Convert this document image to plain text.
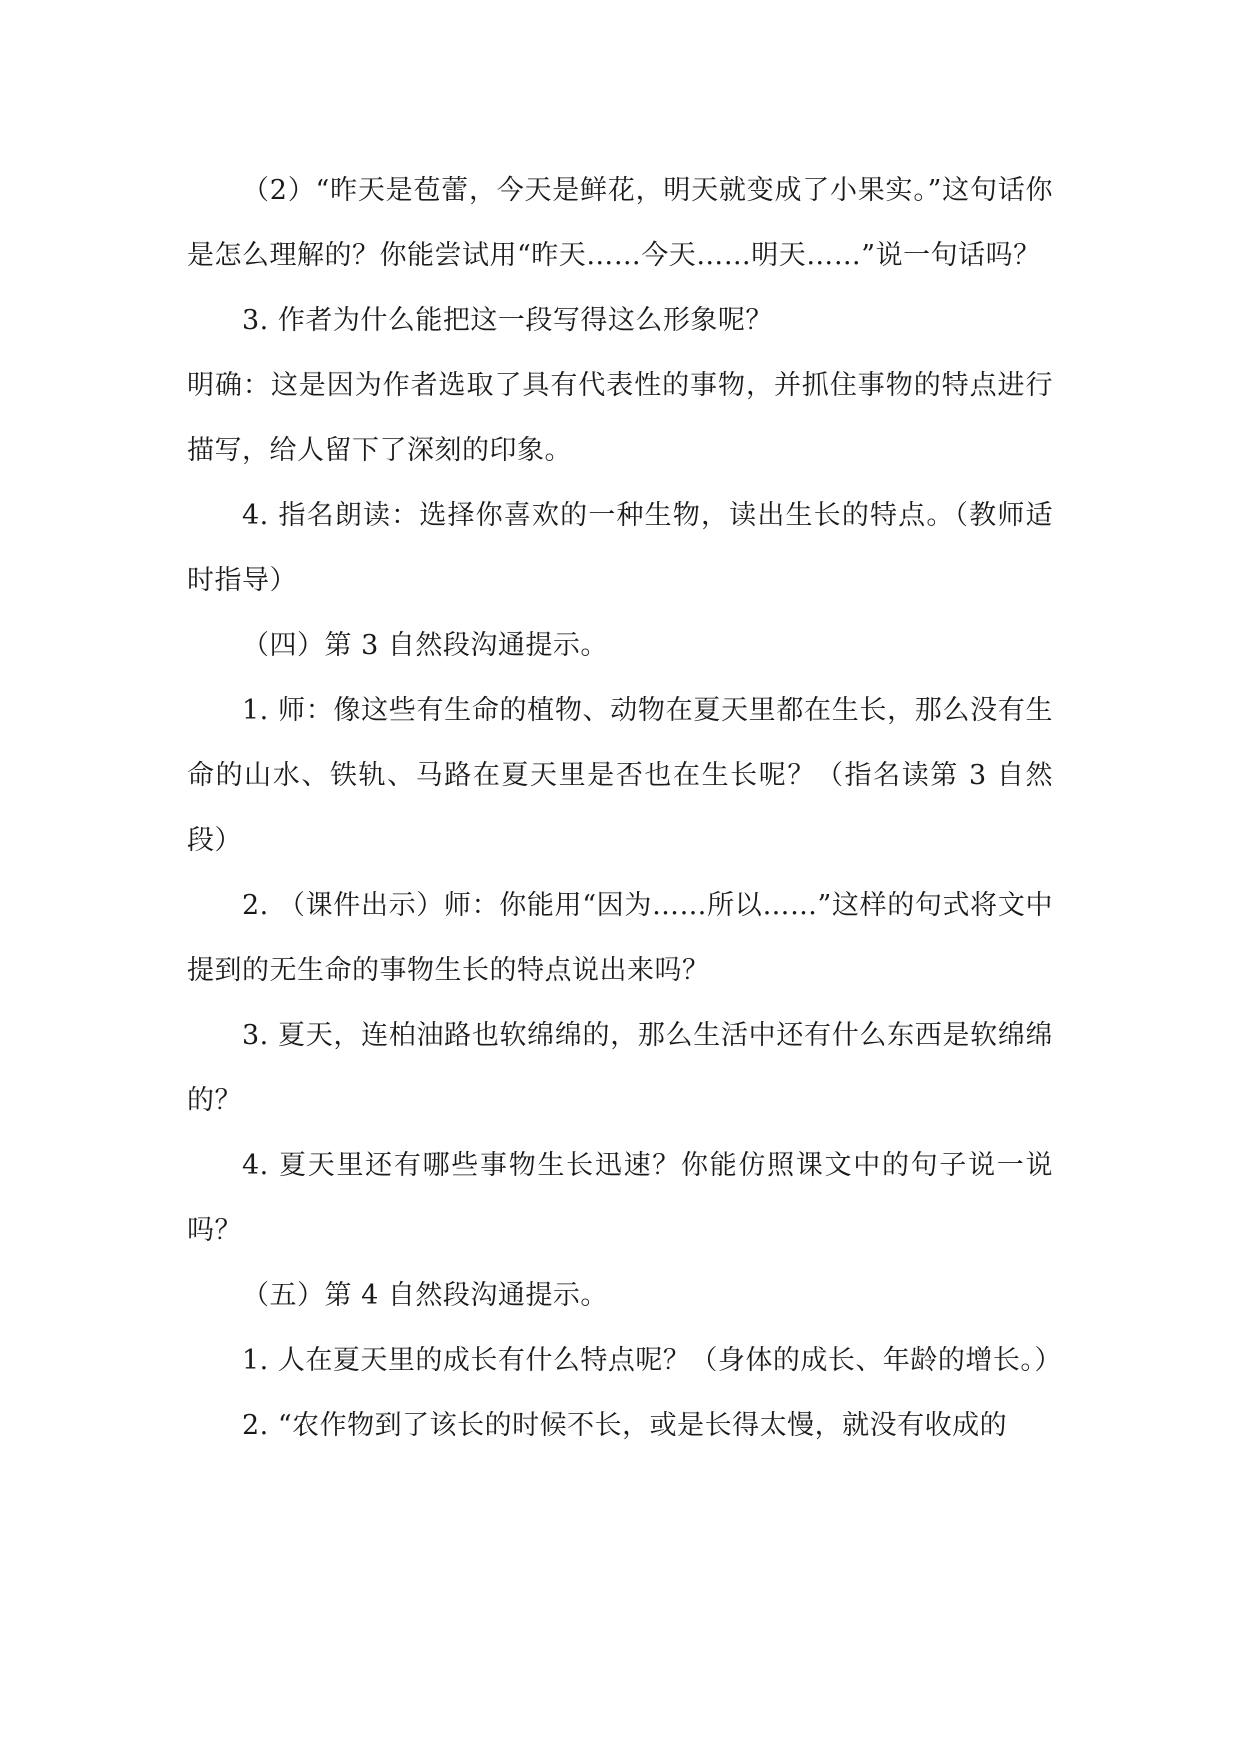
（2）“昨天是苞蕾，今天是鲜花，明天就变成了小果实。”这句话你是怎么理解的？你能尝试用“昨天……今天……明天……”说一句话吗？

3. 作者为什么能把这一段写得这么形象呢？

明确：这是因为作者选取了具有代表性的事物，并抓住事物的特点进行描写，给人留下了深刻的印象。

4. 指名朗读：选择你喜欢的一种生物，读出生长的特点。（教师适时指导）

（四）第 3 自然段沟通提示。

1. 师：像这些有生命的植物、动物在夏天里都在生长，那么没有生命的山水、铁轨、马路在夏天里是否也在生长呢？（指名读第 3 自然段）

2. （课件出示）师：你能用“因为……所以……”这样的句式将文中提到的无生命的事物生长的特点说出来吗？

3. 夏天，连柏油路也软绵绵的，那么生活中还有什么东西是软绵绵的？

4. 夏天里还有哪些事物生长迅速？你能仿照课文中的句子说一说吗？

（五）第 4 自然段沟通提示。

1. 人在夏天里的成长有什么特点呢？（身体的成长、年龄的增长。）

2. “农作物到了该长的时候不长，或是长得太慢，就没有收成的
